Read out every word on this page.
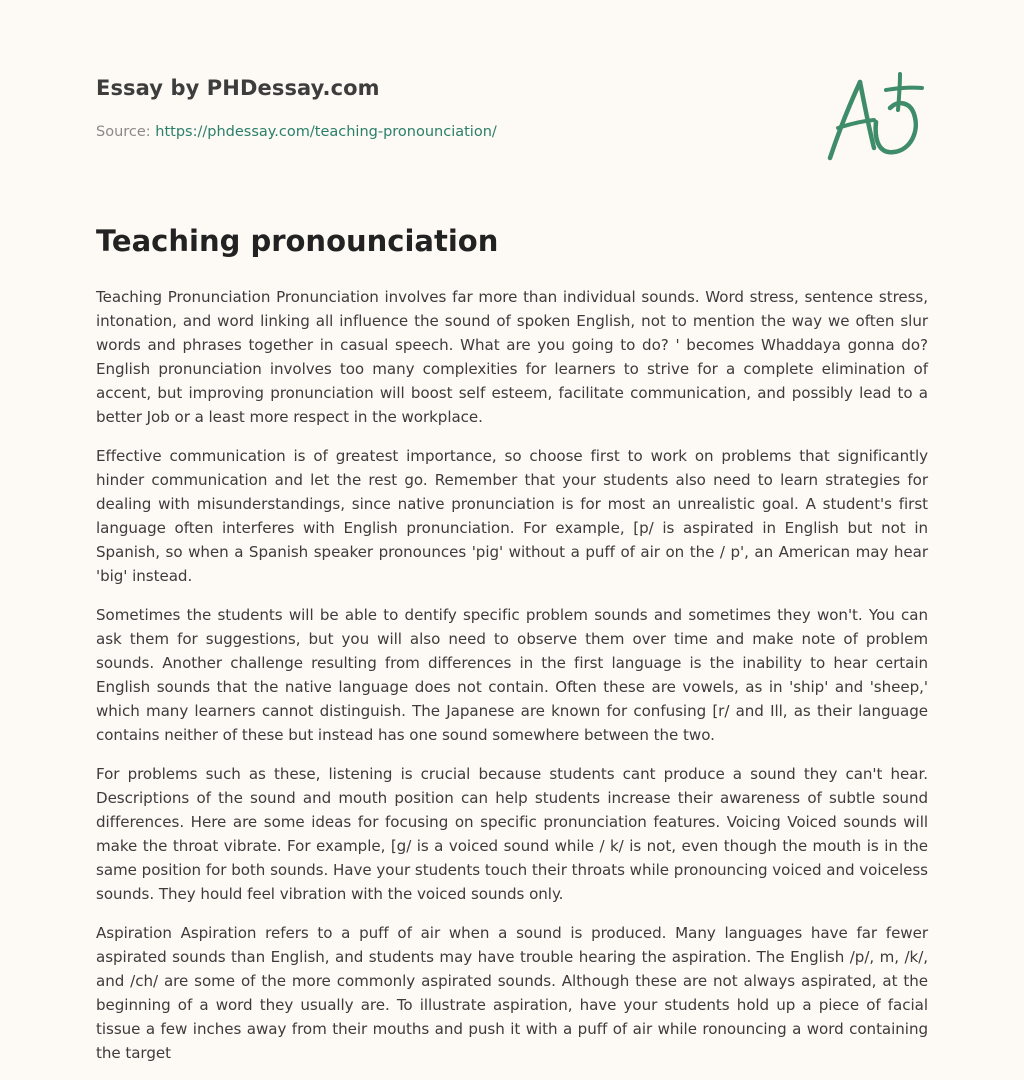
Essay by PHDessay.com
Source: https://phdessay.com/teaching-pronounciation/
Teaching pronounciation

Teaching Pronunciation Pronunciation involves far more than individual sounds. Word stress, sentence stress, intonation, and word linking all influence the sound of spoken English, not to mention the way we often slur words and phrases together in casual speech. What are you going to do? ' becomes Whaddaya gonna do? English pronunciation involves too many complexities for learners to strive for a complete elimination of accent, but improving pronunciation will boost self esteem, facilitate communication, and possibly lead to a better Job or a least more respect in the workplace.

Effective communication is of greatest importance, so choose first to work on problems that significantly hinder communication and let the rest go. Remember that your students also need to learn strategies for dealing with misunderstandings, since native pronunciation is for most an unrealistic goal. A student's first language often interferes with English pronunciation. For example, [p/ is aspirated in English but not in Spanish, so when a Spanish speaker pronounces 'pig' without a puff of air on the / p', an American may hear 'big' instead.

Sometimes the students will be able to dentify specific problem sounds and sometimes they won't. You can ask them for suggestions, but you will also need to observe them over time and make note of problem sounds. Another challenge resulting from differences in the first language is the inability to hear certain English sounds that the native language does not contain. Often these are vowels, as in 'ship' and 'sheep,' which many learners cannot distinguish. The Japanese are known for confusing [r/ and Ill, as their language contains neither of these but instead has one sound somewhere between the two.

For problems such as these, listening is crucial because students cant produce a sound they can't hear. Descriptions of the sound and mouth position can help students increase their awareness of subtle sound differences. Here are some ideas for focusing on specific pronunciation features. Voicing Voiced sounds will make the throat vibrate. For example, [g/ is a voiced sound while / k/ is not, even though the mouth is in the same position for both sounds. Have your students touch their throats while pronouncing voiced and voiceless sounds. They hould feel vibration with the voiced sounds only.

Aspiration Aspiration refers to a puff of air when a sound is produced. Many languages have far fewer aspirated sounds than English, and students may have trouble hearing the aspiration. The English /p/, m, /k/, and /ch/ are some of the more commonly aspirated sounds. Although these are not always aspirated, at the beginning of a word they usually are. To illustrate aspiration, have your students hold up a piece of facial tissue a few inches away from their mouths and push it with a puff of air while ronouncing a word containing the target
